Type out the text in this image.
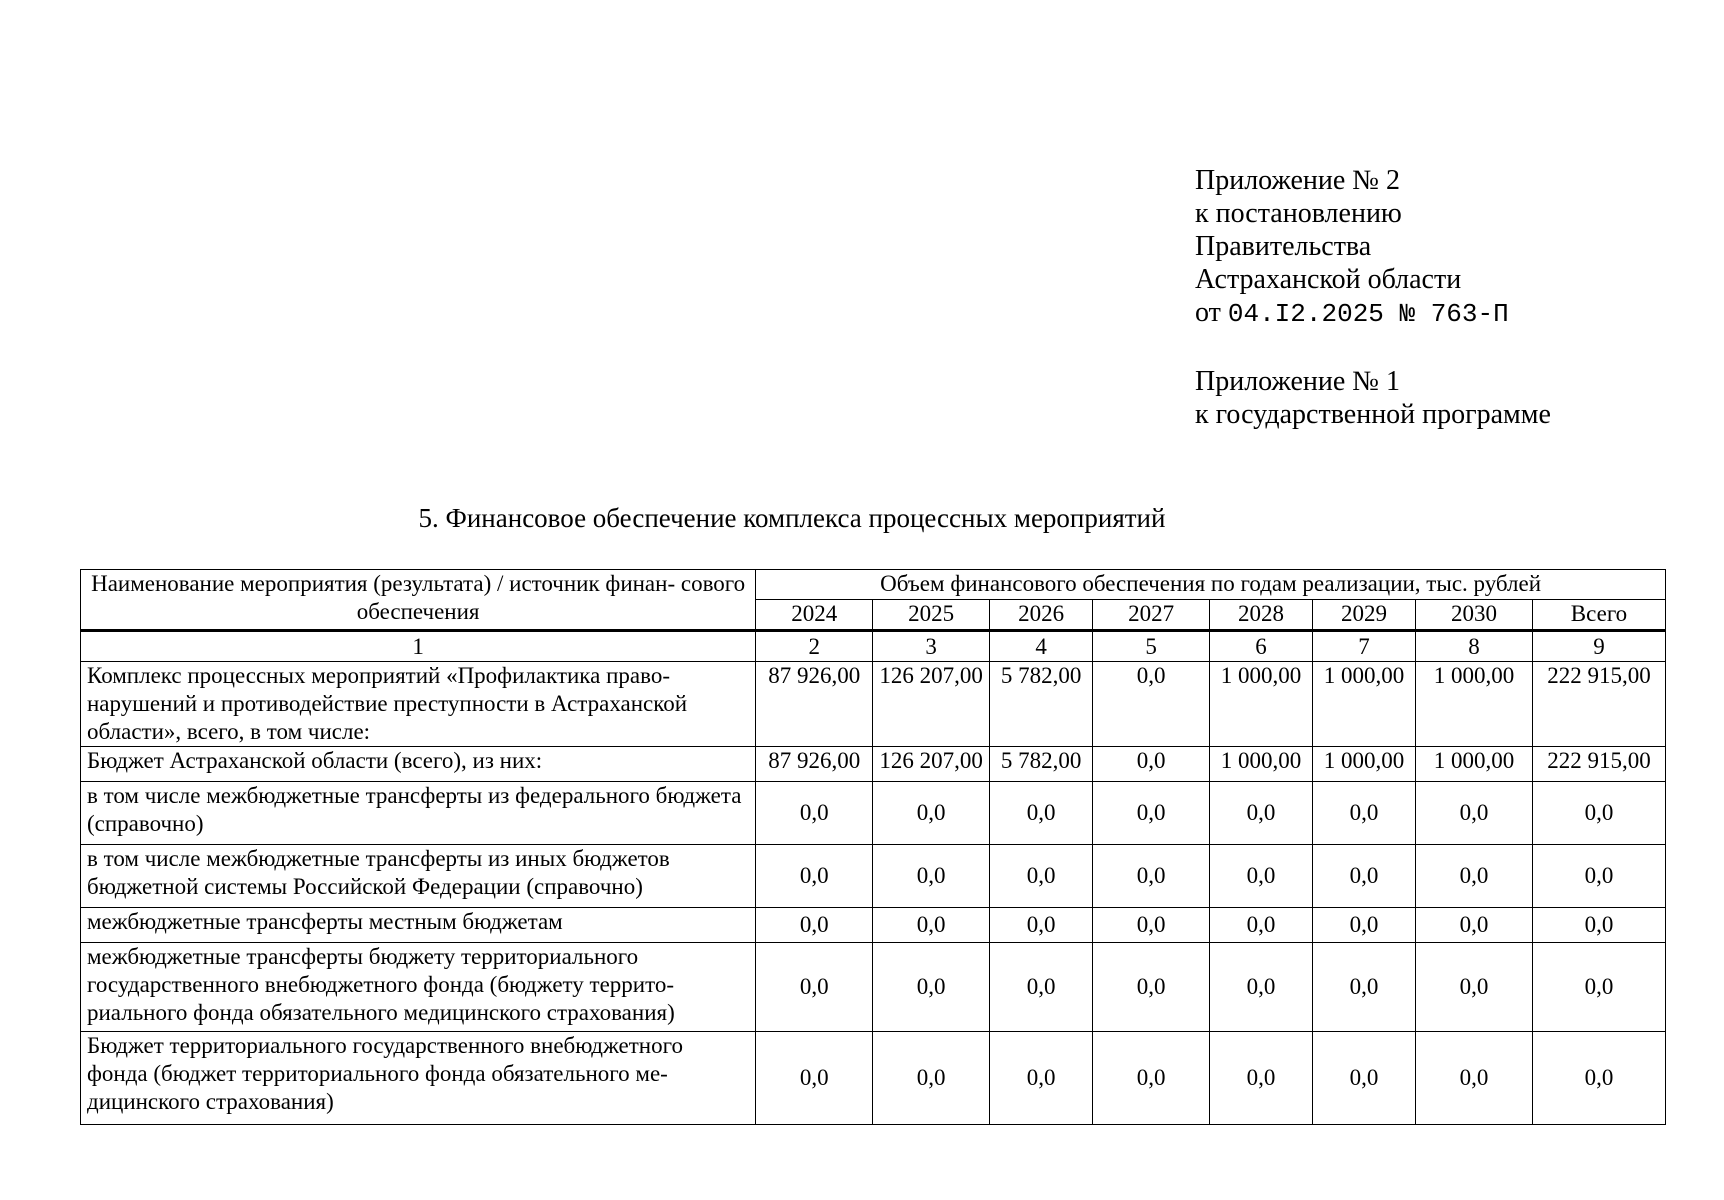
Приложение № 2
к постановлению
Правительства
Астраханской области
от 04.I2.2025 № 763-П
Приложение № 1
к государственной программе
5. Финансовое обеспечение комплекса процессных мероприятий
Наименование мероприятия (результата) / источник финан- сового обеспечения	Объем финансового обеспечения по годам реализации, тыс. рублей							
	2024	2025	2026	2027	2028	2029	2030	Всего
1	2	3	4	5	6	7	8	9
Комплекс процессных мероприятий «Профилактика право- нарушений и противодействие преступности в Астраханской области», всего, в том числе:	87 926,00	126 207,00	5 782,00	0,0	1 000,00	1 000,00	1 000,00	222 915,00
Бюджет Астраханской области (всего), из них:	87 926,00	126 207,00	5 782,00	0,0	1 000,00	1 000,00	1 000,00	222 915,00
в том числе межбюджетные трансферты из федерального бюджета (справочно)	0,0	0,0	0,0	0,0	0,0	0,0	0,0	0,0
в том числе межбюджетные трансферты из иных бюджетов бюджетной системы Российской Федерации (справочно)	0,0	0,0	0,0	0,0	0,0	0,0	0,0	0,0
межбюджетные трансферты местным бюджетам	0,0	0,0	0,0	0,0	0,0	0,0	0,0	0,0
межбюджетные трансферты бюджету территориального государственного внебюджетного фонда (бюджету террито- риального фонда обязательного медицинского страхования)	0,0	0,0	0,0	0,0	0,0	0,0	0,0	0,0
Бюджет территориального государственного внебюджетного фонда (бюджет территориального фонда обязательного ме- дицинского страхования)	0,0	0,0	0,0	0,0	0,0	0,0	0,0	0,0
